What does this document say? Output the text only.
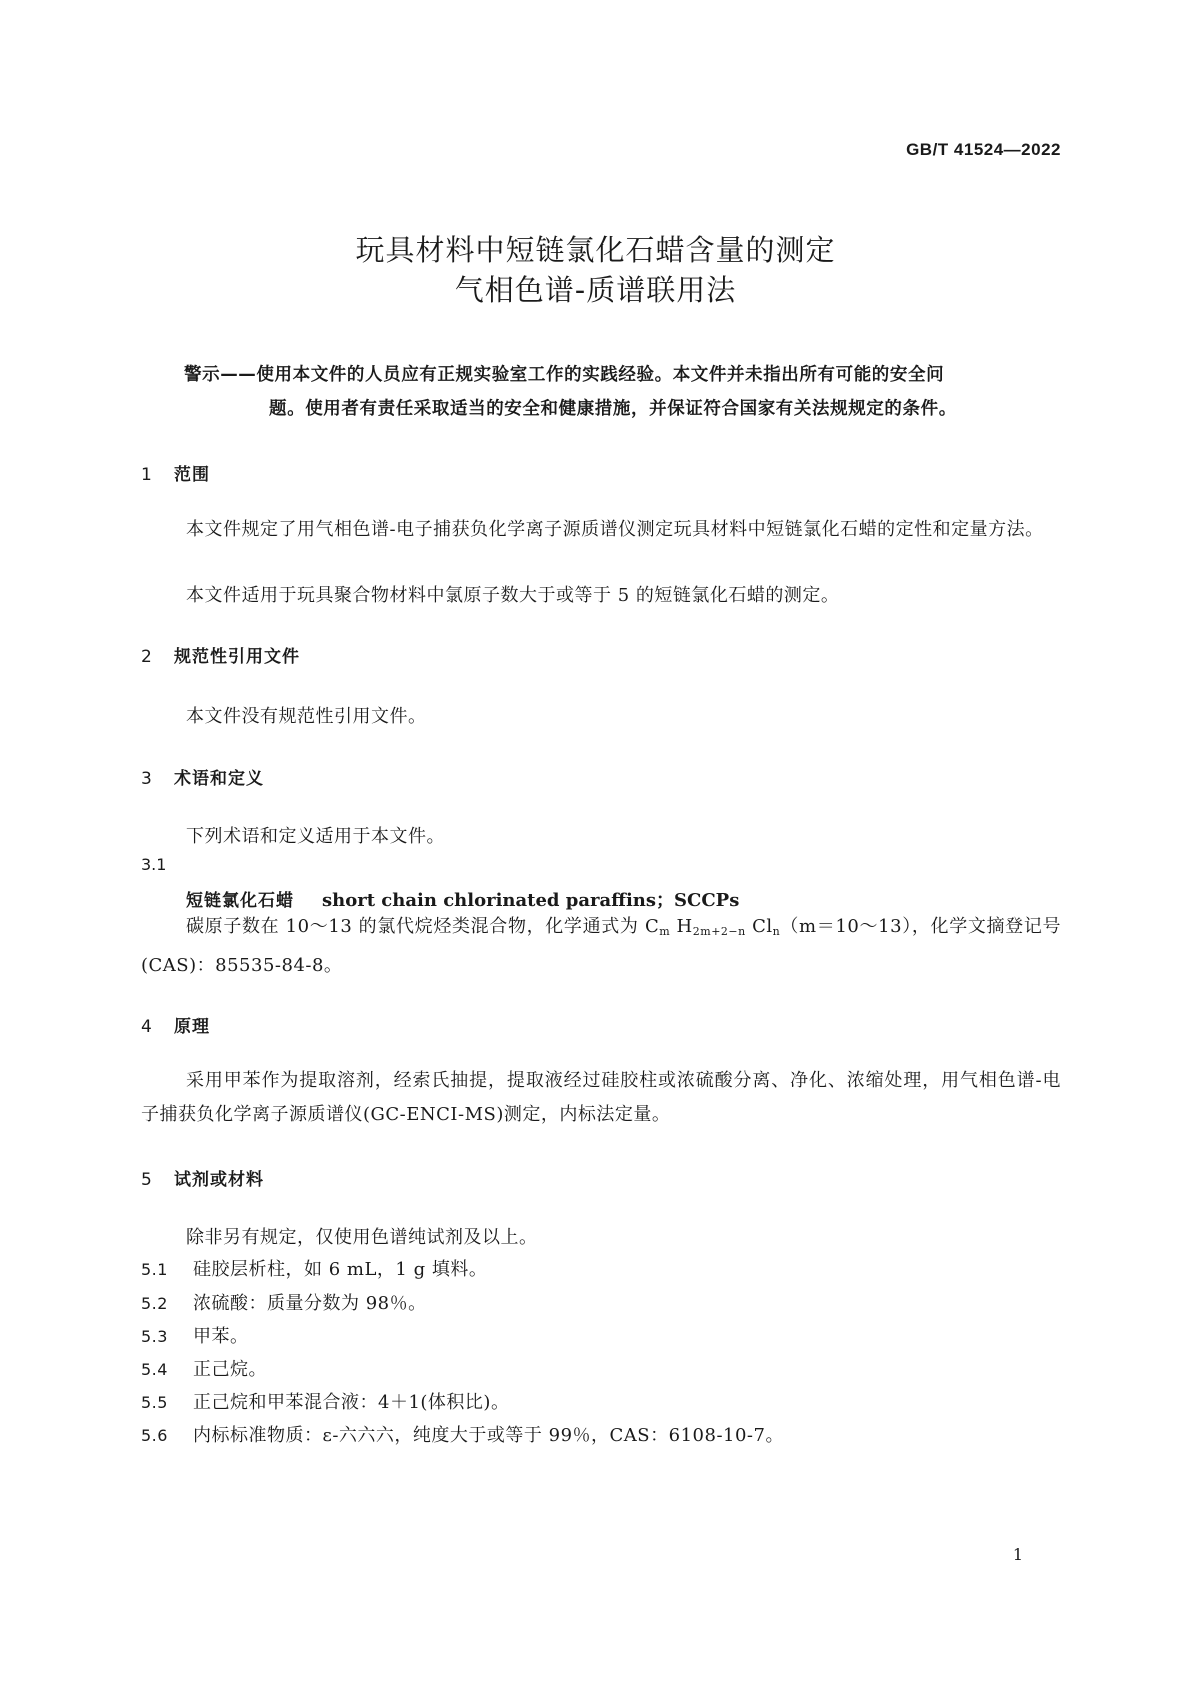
GB/T 41524—2022
玩具材料中短链氯化石蜡含量的测定
气相色谱-质谱联用法
警示——使用本文件的人员应有正规实验室工作的实践经验。本文件并未指出所有可能的安全问
题。使用者有责任采取适当的安全和健康措施，并保证符合国家有关法规规定的条件。
1 范围
本文件规定了用气相色谱-电子捕获负化学离子源质谱仪测定玩具材料中短链氯化石蜡的定性和定量方法。
本文件适用于玩具聚合物材料中氯原子数大于或等于 5 的短链氯化石蜡的测定。
2 规范性引用文件
本文件没有规范性引用文件。
3 术语和定义
下列术语和定义适用于本文件。
3.1
短链氯化石蜡 short chain chlorinated paraffins；SCCPs
碳原子数在 10～13 的氯代烷烃类混合物，化学通式为 $C_m$ $H_{2m+2-n}$ $Cl_n(m=10\sim 13)$，化学文摘登记号(CAS)：85535-84-8。
4 原理
采用甲苯作为提取溶剂，经索氏抽提，提取液经过硅胶柱或浓硫酸分离、净化、浓缩处理，用气相色谱-电子捕获负化学离子源质谱仪(GC-ENCI-MS)测定，内标法定量。
5 试剂或材料
除非另有规定，仅使用色谱纯试剂及以上。
5.1 硅胶层析柱，如 6 mL，1 g 填料。
5.2 浓硫酸：质量分数为 98％。
5.3 甲苯。
5.4 正己烷。
5.5 正己烷和甲苯混合液：4＋1(体积比)。
5.6 内标标准物质：ε-六六六，纯度大于或等于 99％，CAS：6108-10-7。
1
